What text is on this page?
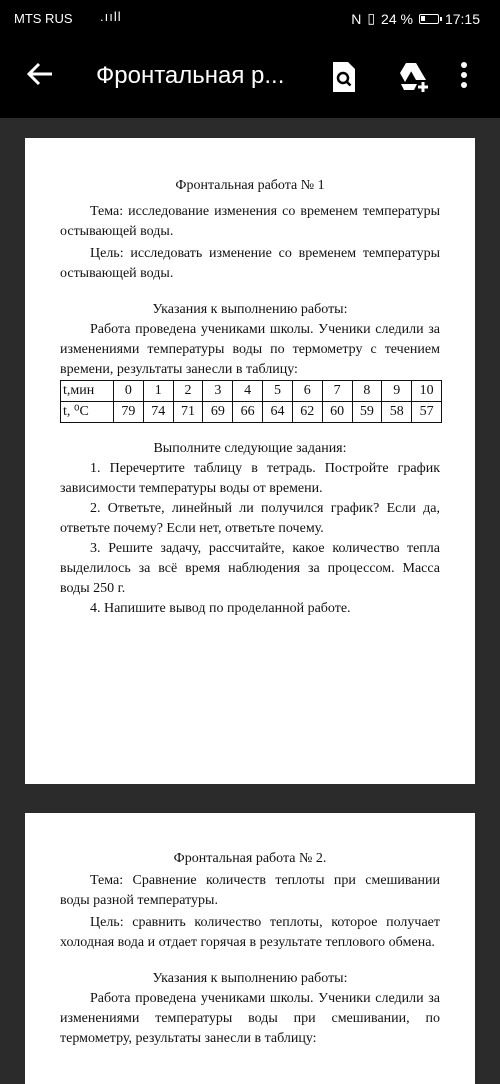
MTS RUS .ııll	N ▯ 24 % 17:15
Фронтальная р...

Фронтальная работа № 1

Тема: исследование изменения со временем температуры остывающей воды.

Цель: исследовать изменение со временем температуры остывающей воды.

Указания к выполнению работы:

Работа проведена учениками школы. Ученики следили за изменениями температуры воды по термометру с течением времени, результаты занесли в таблицу:

t,мин	0	1	2	3	4	5	6	7	8	9	10
t, ⁰С	79	74	71	69	66	64	62	60	59	58	57

Выполните следующие задания:

1. Перечертите таблицу в тетрадь. Постройте график зависимости температуры воды от времени.

2. Ответьте, линейный ли получился график? Если да, ответьте почему? Если нет, ответьте почему.

3. Решите задачу, рассчитайте, какое количество тепла выделилось за всё время наблюдения за процессом. Масса воды 250 г.

4. Напишите вывод по проделанной работе.

Фронтальная работа № 2.

Тема: Сравнение количеств теплоты при смешивании воды разной температуры.

Цель: сравнить количество теплоты, которое получает холодная вода и отдает горячая в результате теплового обмена.

Указания к выполнению работы:

Работа проведена учениками школы. Ученики следили за изменениями температуры воды при смешивании, по термометру, результаты занесли в таблицу:
